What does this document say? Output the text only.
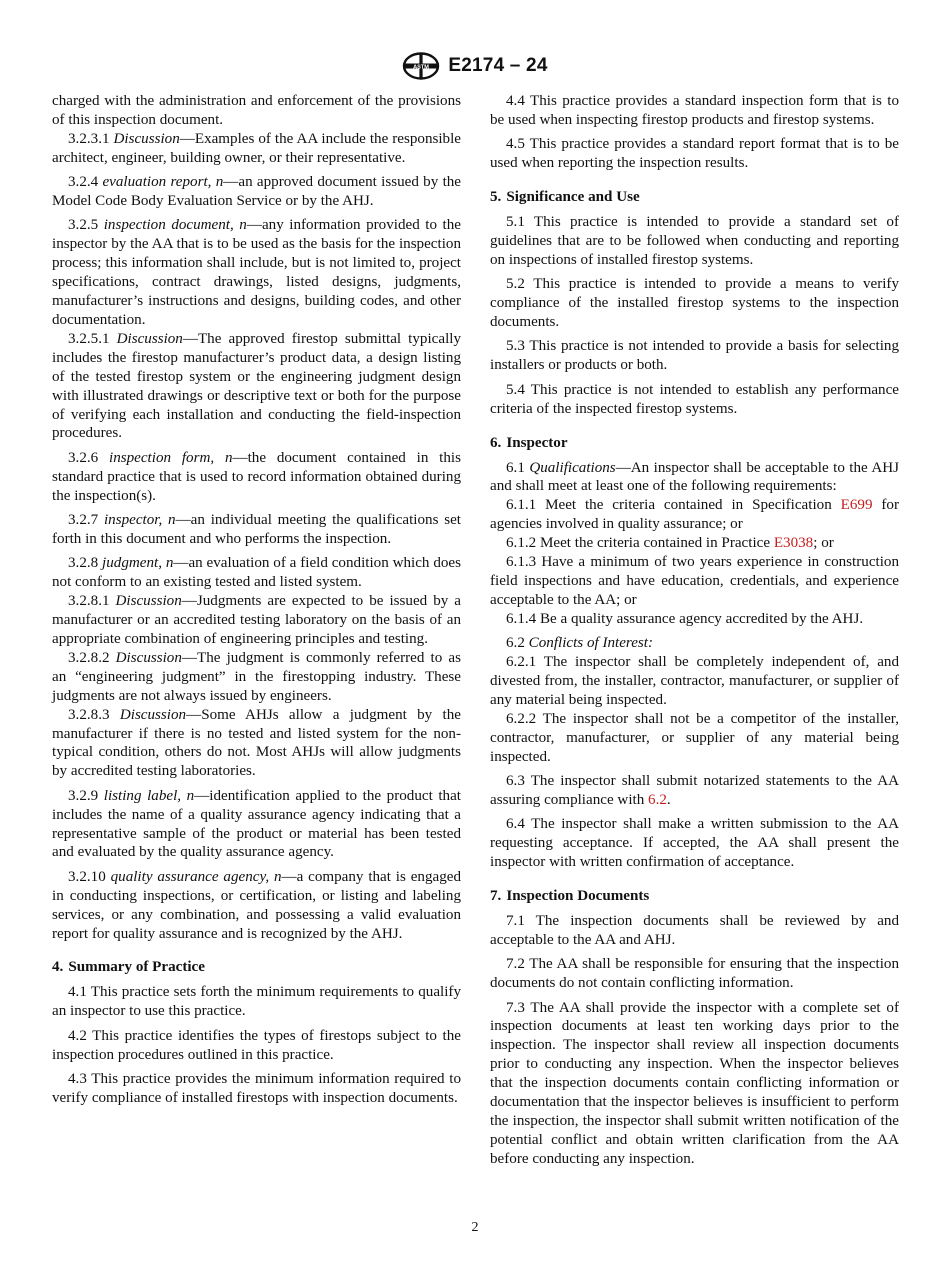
ASTM E2174 – 24

charged with the administration and enforcement of the provisions of this inspection document.

3.2.3.1 Discussion—Examples of the AA include the responsible architect, engineer, building owner, or their representative.

3.2.4 evaluation report, n—an approved document issued by the Model Code Body Evaluation Service or by the AHJ.

3.2.5 inspection document, n—any information provided to the inspector by the AA that is to be used as the basis for the inspection process; this information shall include, but is not limited to, project specifications, contract drawings, listed designs, judgments, manufacturer’s instructions and designs, building codes, and other documentation.

3.2.5.1 Discussion—The approved firestop submittal typically includes the firestop manufacturer’s product data, a design listing of the tested firestop system or the engineering judgment design with illustrated drawings or descriptive text or both for the purpose of verifying each installation and conducting the field-inspection procedures.

3.2.6 inspection form, n—the document contained in this standard practice that is used to record information obtained during the inspection(s).

3.2.7 inspector, n—an individual meeting the qualifications set forth in this document and who performs the inspection.

3.2.8 judgment, n—an evaluation of a field condition which does not conform to an existing tested and listed system.

3.2.8.1 Discussion—Judgments are expected to be issued by a manufacturer or an accredited testing laboratory on the basis of an appropriate combination of engineering principles and testing.

3.2.8.2 Discussion—The judgment is commonly referred to as an “engineering judgment” in the firestopping industry. These judgments are not always issued by engineers.

3.2.8.3 Discussion—Some AHJs allow a judgment by the manufacturer if there is no tested and listed system for the non-typical condition, others do not. Most AHJs will allow judgments by accredited testing laboratories.

3.2.9 listing label, n—identification applied to the product that includes the name of a quality assurance agency indicating that a representative sample of the product or material has been tested and evaluated by the quality assurance agency.

3.2.10 quality assurance agency, n—a company that is engaged in conducting inspections, or certification, or listing and labeling services, or any combination, and possessing a valid evaluation report for quality assurance and is recognized by the AHJ.

4. Summary of Practice

4.1 This practice sets forth the minimum requirements to qualify an inspector to use this practice.

4.2 This practice identifies the types of firestops subject to the inspection procedures outlined in this practice.

4.3 This practice provides the minimum information required to verify compliance of installed firestops with inspection documents.

4.4 This practice provides a standard inspection form that is to be used when inspecting firestop products and firestop systems.

4.5 This practice provides a standard report format that is to be used when reporting the inspection results.

5. Significance and Use

5.1 This practice is intended to provide a standard set of guidelines that are to be followed when conducting and reporting on inspections of installed firestop systems.

5.2 This practice is intended to provide a means to verify compliance of the installed firestop systems to the inspection documents.

5.3 This practice is not intended to provide a basis for selecting installers or products or both.

5.4 This practice is not intended to establish any performance criteria of the inspected firestop systems.

6. Inspector

6.1 Qualifications—An inspector shall be acceptable to the AHJ and shall meet at least one of the following requirements:

6.1.1 Meet the criteria contained in Specification E699 for agencies involved in quality assurance; or

6.1.2 Meet the criteria contained in Practice E3038; or

6.1.3 Have a minimum of two years experience in construction field inspections and have education, credentials, and experience acceptable to the AA; or

6.1.4 Be a quality assurance agency accredited by the AHJ.

6.2 Conflicts of Interest:

6.2.1 The inspector shall be completely independent of, and divested from, the installer, contractor, manufacturer, or supplier of any material being inspected.

6.2.2 The inspector shall not be a competitor of the installer, contractor, manufacturer, or supplier of any material being inspected.

6.3 The inspector shall submit notarized statements to the AA assuring compliance with 6.2.

6.4 The inspector shall make a written submission to the AA requesting acceptance. If accepted, the AA shall present the inspector with written confirmation of acceptance.

7. Inspection Documents

7.1 The inspection documents shall be reviewed by and acceptable to the AA and AHJ.

7.2 The AA shall be responsible for ensuring that the inspection documents do not contain conflicting information.

7.3 The AA shall provide the inspector with a complete set of inspection documents at least ten working days prior to the inspection. The inspector shall review all inspection documents prior to conducting any inspection. When the inspector believes that the inspection documents contain conflicting information or documentation that the inspector believes is insufficient to perform the inspection, the inspector shall submit written notification of the potential conflict and obtain written clarification from the AA before conducting any inspection.

2
